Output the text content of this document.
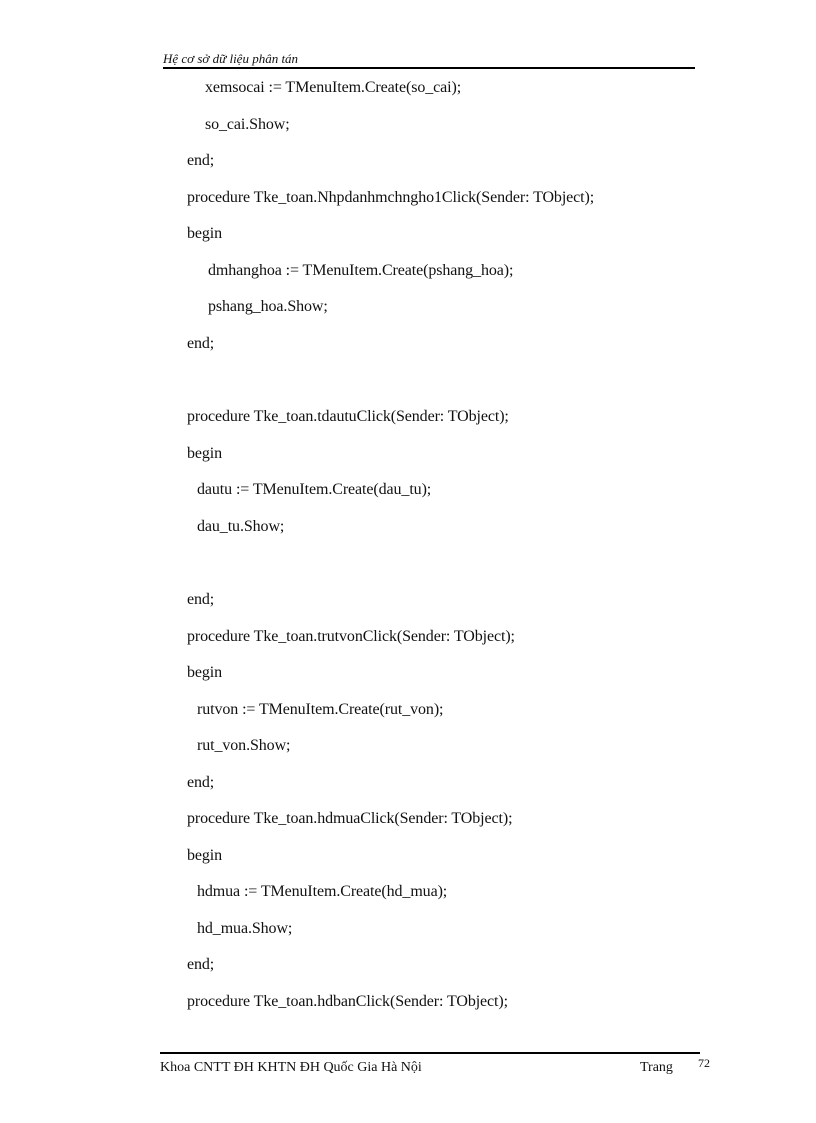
Hệ cơ sở dữ liệu phân tán
xemsocai := TMenuItem.Create(so_cai);
so_cai.Show;
end;
procedure Tke_toan.Nhpdanhmchngho1Click(Sender: TObject);
begin
dmhanghoa := TMenuItem.Create(pshang_hoa);
pshang_hoa.Show;
end;
procedure Tke_toan.tdautuClick(Sender: TObject);
begin
dautu := TMenuItem.Create(dau_tu);
dau_tu.Show;
end;
procedure Tke_toan.trutvonClick(Sender: TObject);
begin
rutvon := TMenuItem.Create(rut_von);
rut_von.Show;
end;
procedure Tke_toan.hdmuaClick(Sender: TObject);
begin
hdmua := TMenuItem.Create(hd_mua);
hd_mua.Show;
end;
procedure Tke_toan.hdbanClick(Sender: TObject);
Khoa CNTT ĐH KHTN ĐH Quốc Gia Hà Nội	Trang 72
